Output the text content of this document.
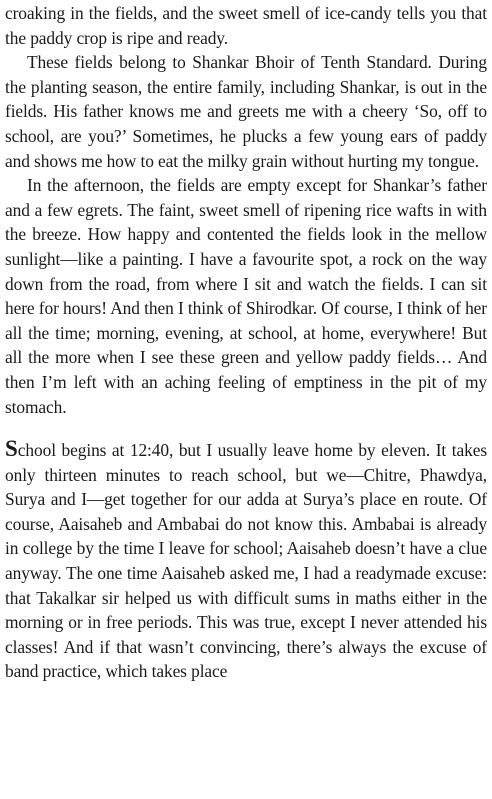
croaking in the fields, and the sweet smell of ice-candy tells you that the paddy crop is ripe and ready.

These fields belong to Shankar Bhoir of Tenth Standard. During the planting season, the entire family, including Shankar, is out in the fields. His father knows me and greets me with a cheery ‘So, off to school, are you?’ Sometimes, he plucks a few young ears of paddy and shows me how to eat the milky grain without hurting my tongue.

In the afternoon, the fields are empty except for Shankar’s father and a few egrets. The faint, sweet smell of ripening rice wafts in with the breeze. How happy and contented the fields look in the mellow sunlight—like a painting. I have a favourite spot, a rock on the way down from the road, from where I sit and watch the fields. I can sit here for hours! And then I think of Shirodkar. Of course, I think of her all the time; morning, evening, at school, at home, everywhere! But all the more when I see these green and yellow paddy fields… And then I’m left with an aching feeling of emptiness in the pit of my stomach.

School begins at 12:40, but I usually leave home by eleven. It takes only thirteen minutes to reach school, but we—Chitre, Phawdya, Surya and I—get together for our adda at Surya’s place en route. Of course, Aaisaheb and Ambabai do not know this. Ambabai is already in college by the time I leave for school; Aaisaheb doesn’t have a clue anyway. The one time Aaisaheb asked me, I had a readymade excuse: that Takalkar sir helped us with difficult sums in maths either in the morning or in free periods. This was true, except I never attended his classes! And if that wasn’t convincing, there’s always the excuse of band practice, which takes place
